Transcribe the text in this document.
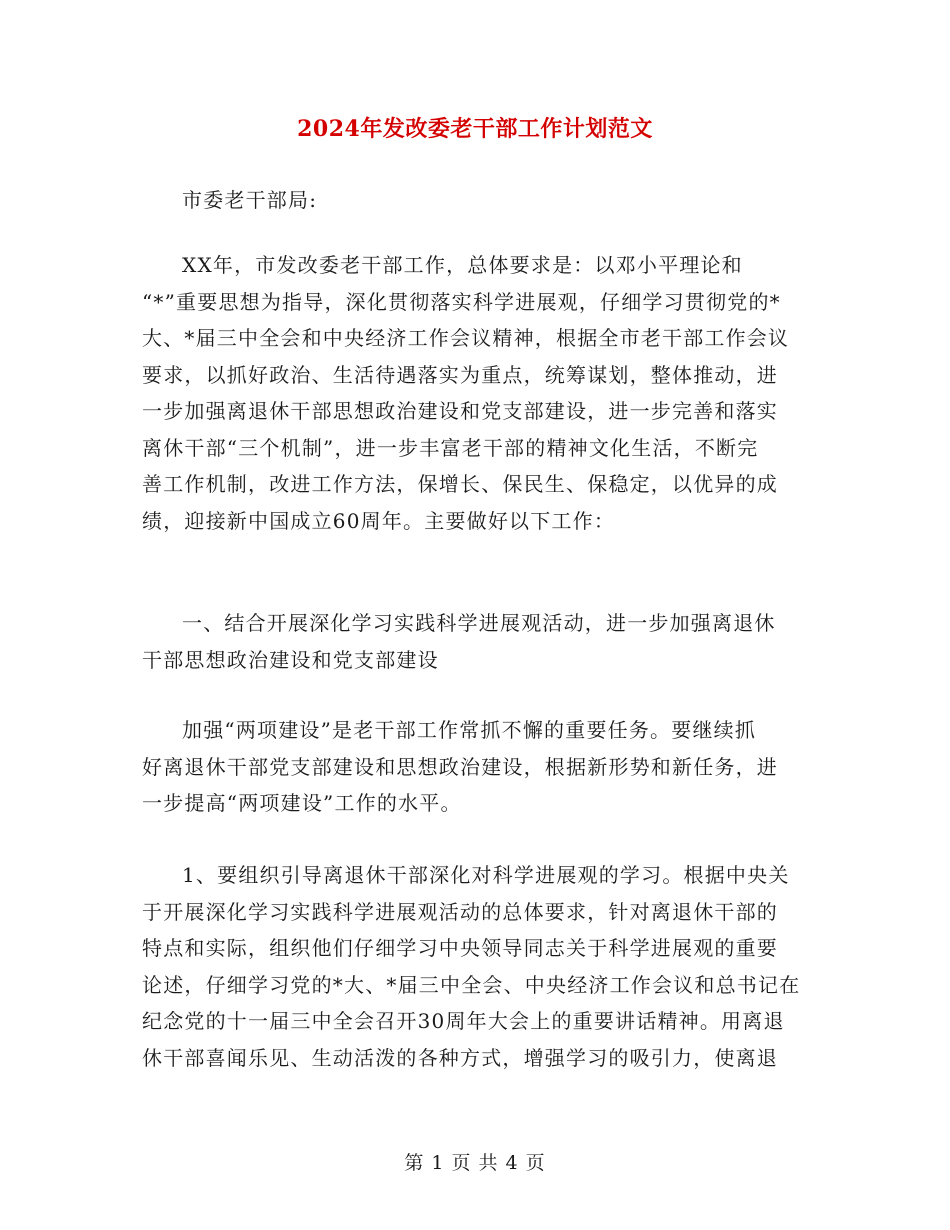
2024年发改委老干部工作计划范文
市委老干部局:
XX年，市发改委老干部工作，总体要求是：以邓小平理论和
“*”重要思想为指导，深化贯彻落实科学进展观，仔细学习贯彻党的*
大、*届三中全会和中央经济工作会议精神，根据全市老干部工作会议
要求，以抓好政治、生活待遇落实为重点，统筹谋划，整体推动，进
一步加强离退休干部思想政治建设和党支部建设，进一步完善和落实
离休干部“三个机制”，进一步丰富老干部的精神文化生活，不断完
善工作机制，改进工作方法，保增长、保民生、保稳定，以优异的成
绩，迎接新中国成立60周年。主要做好以下工作：
一、结合开展深化学习实践科学进展观活动，进一步加强离退休
干部思想政治建设和党支部建设
加强“两项建设”是老干部工作常抓不懈的重要任务。要继续抓
好离退休干部党支部建设和思想政治建设，根据新形势和新任务，进
一步提高“两项建设”工作的水平。
1、要组织引导离退休干部深化对科学进展观的学习。根据中央关
于开展深化学习实践科学进展观活动的总体要求，针对离退休干部的
特点和实际，组织他们仔细学习中央领导同志关于科学进展观的重要
论述，仔细学习党的*大、*届三中全会、中央经济工作会议和总书记在
纪念党的十一届三中全会召开30周年大会上的重要讲话精神。用离退
休干部喜闻乐见、生动活泼的各种方式，增强学习的吸引力，使离退
第 1 页 共 4 页
